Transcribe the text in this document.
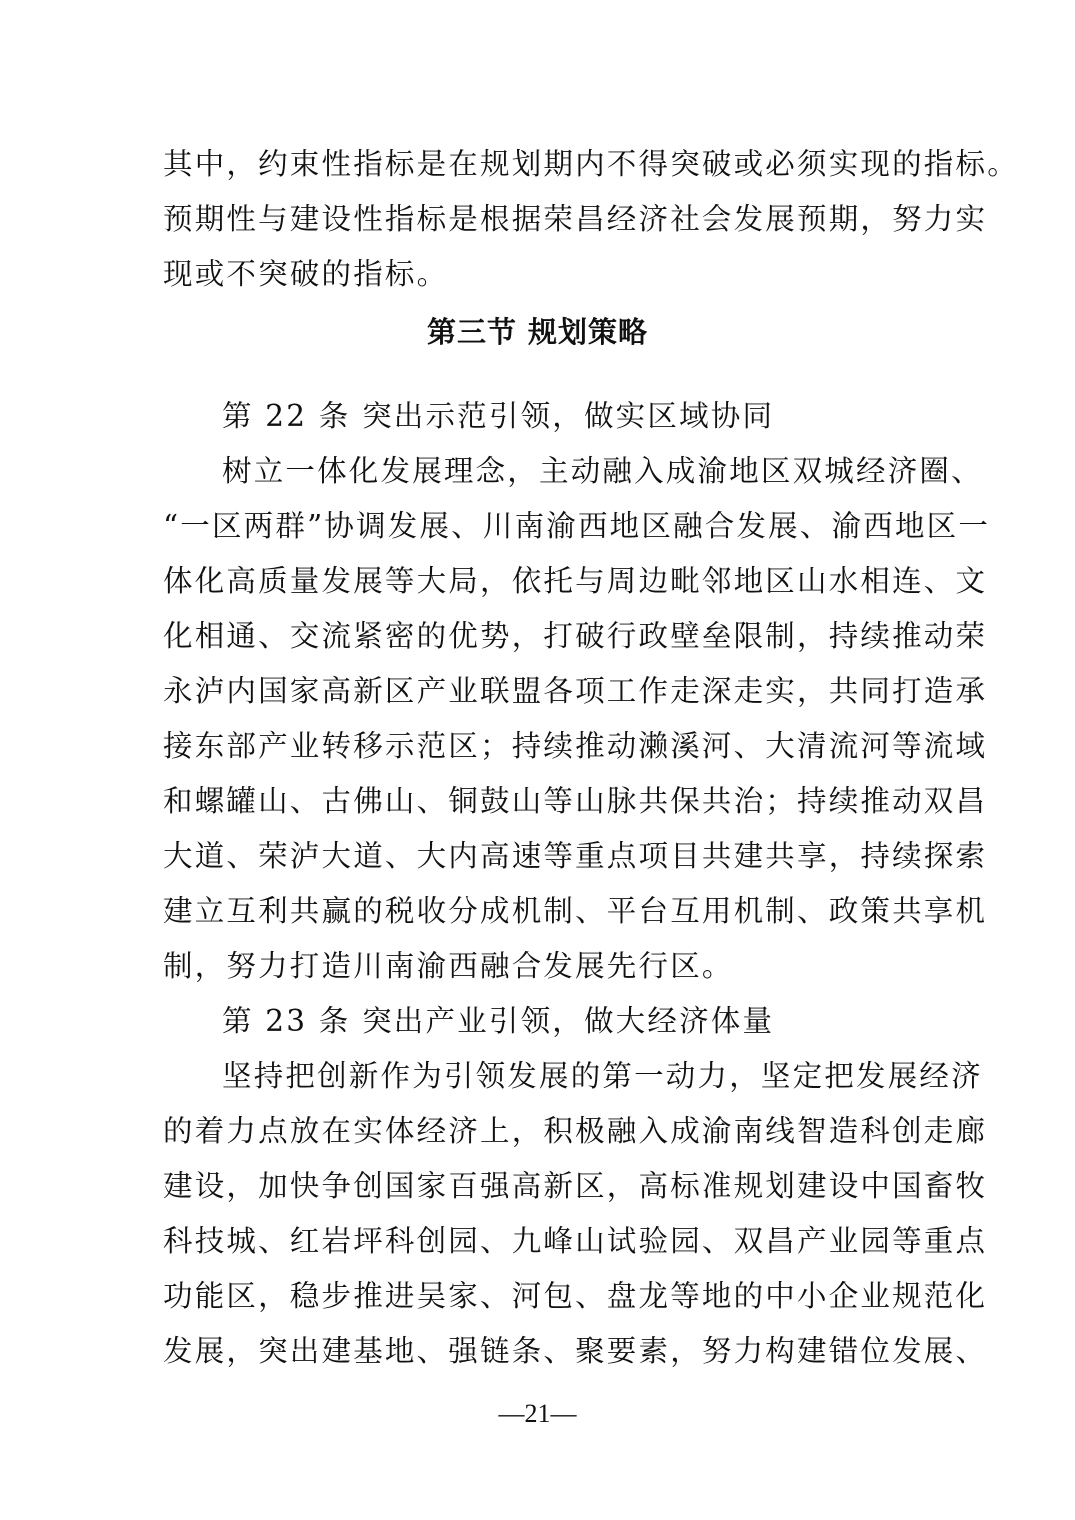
其中，约束性指标是在规划期内不得突破或必须实现的指标。
预期性与建设性指标是根据荣昌经济社会发展预期，努力实
现或不突破的指标。
第三节 规划策略
第 22 条 突出示范引领，做实区域协同
树立一体化发展理念，主动融入成渝地区双城经济圈、
“一区两群”协调发展、川南渝西地区融合发展、渝西地区一
体化高质量发展等大局，依托与周边毗邻地区山水相连、文
化相通、交流紧密的优势，打破行政壁垒限制，持续推动荣
永泸内国家高新区产业联盟各项工作走深走实，共同打造承
接东部产业转移示范区；持续推动濑溪河、大清流河等流域
和螺罐山、古佛山、铜鼓山等山脉共保共治；持续推动双昌
大道、荣泸大道、大内高速等重点项目共建共享，持续探索
建立互利共赢的税收分成机制、平台互用机制、政策共享机
制，努力打造川南渝西融合发展先行区。
第 23 条 突出产业引领，做大经济体量
坚持把创新作为引领发展的第一动力，坚定把发展经济
的着力点放在实体经济上，积极融入成渝南线智造科创走廊
建设，加快争创国家百强高新区，高标准规划建设中国畜牧
科技城、红岩坪科创园、九峰山试验园、双昌产业园等重点
功能区，稳步推进吴家、河包、盘龙等地的中小企业规范化
发展，突出建基地、强链条、聚要素，努力构建错位发展、
—21—
